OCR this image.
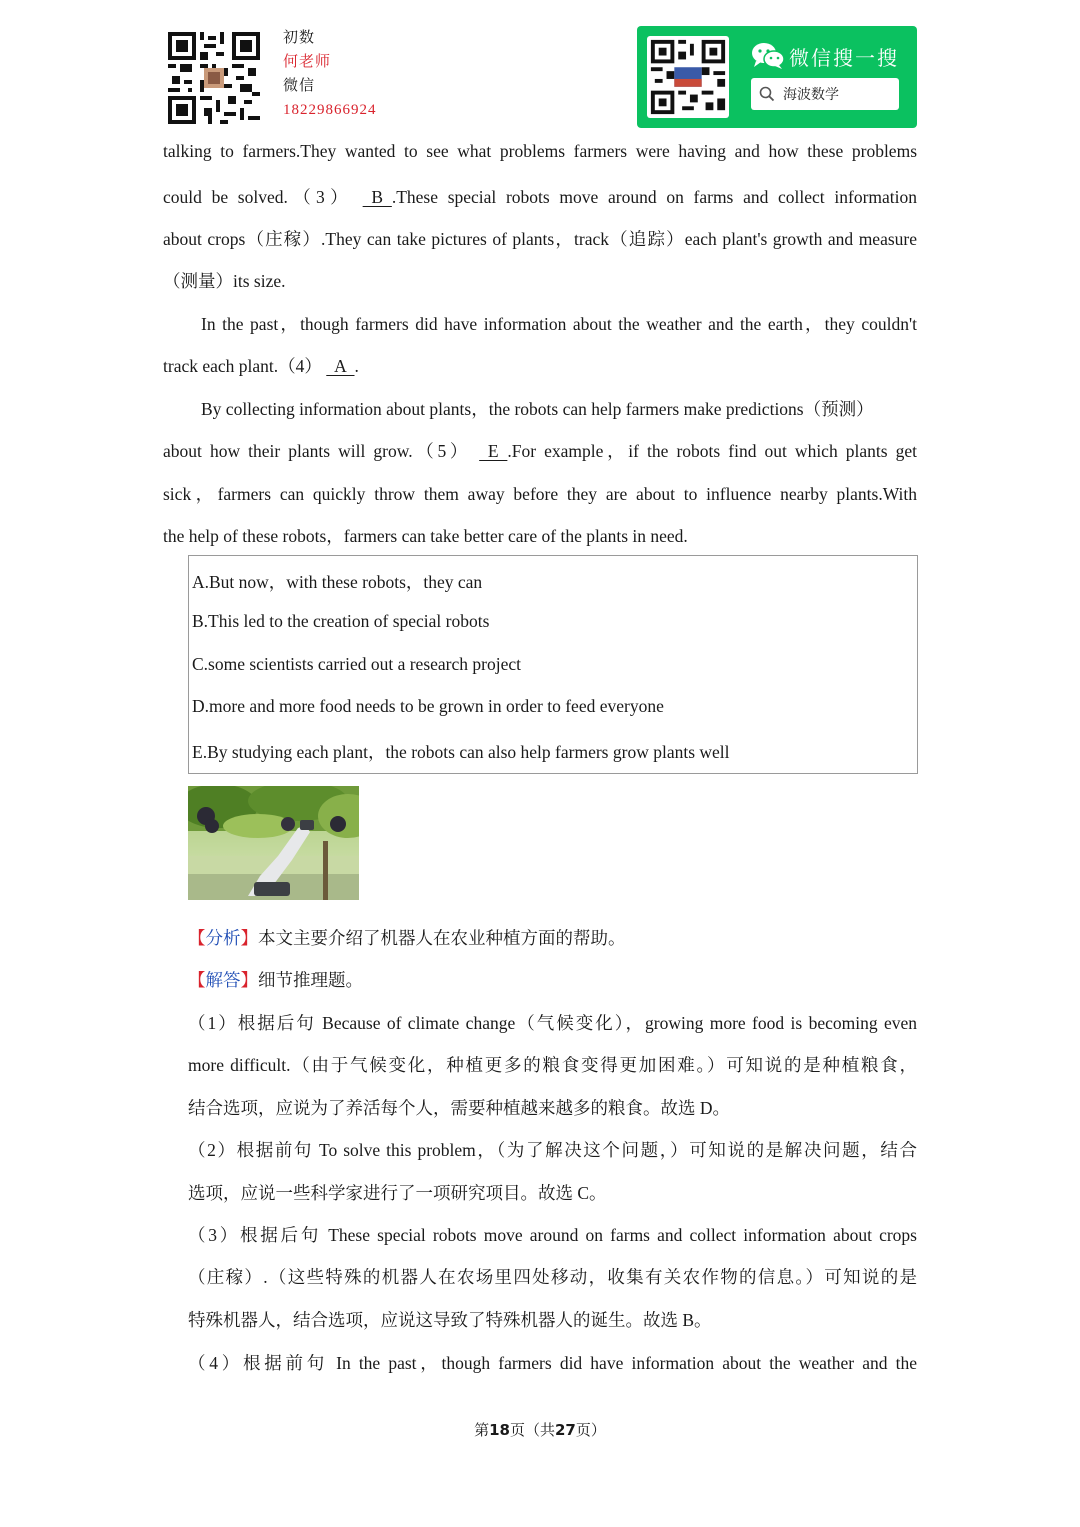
初数
何老师
微信
18229866924
微信搜一搜
海波数学
talking to farmers.They wanted to see what problems farmers were having and how these problems
could be solved.（3）   B  .These special robots move around on farms and collect information
about crops（庄稼）.They can take pictures of plants，track（追踪）each plant's growth and measure
（测量）its size.
In the past，though farmers did have information about the weather and the earth，they couldn't
track each plant.（4）   A  .
By collecting information about plants，the robots can help farmers make predictions（预测）
about how their plants will grow.（5）   E  .For example，if the robots find out which plants get
sick，farmers can quickly throw them away before they are about to influence nearby plants.With
the help of these robots，farmers can take better care of the plants in need.
A.But now，with these robots，they can
B.This led to the creation of special robots
C.some scientists carried out a research project
D.more and more food needs to be grown in order to feed everyone
E.By studying each plant，the robots can also help farmers grow plants well
【分析】本文主要介绍了机器人在农业种植方面的帮助。
【解答】细节推理题。
（1）根据后句 Because of climate change（气候变化），growing more food is becoming even
more difficult.（由于气候变化，种植更多的粮食变得更加困难。）可知说的是种植粮食，
结合选项，应说为了养活每个人，需要种植越来越多的粮食。故选 D。
（2）根据前句 To solve this problem，（为了解决这个问题，）可知说的是解决问题，结合
选项，应说一些科学家进行了一项研究项目。故选 C。
（3）根据后句 These special robots move around on farms and collect information about crops
（庄稼）.（这些特殊的机器人在农场里四处移动，收集有关农作物的信息。）可知说的是
特殊机器人，结合选项，应说这导致了特殊机器人的诞生。故选 B。
（4）根据前句 In the past，though farmers did have information about the weather and the
第18页（共27页）
